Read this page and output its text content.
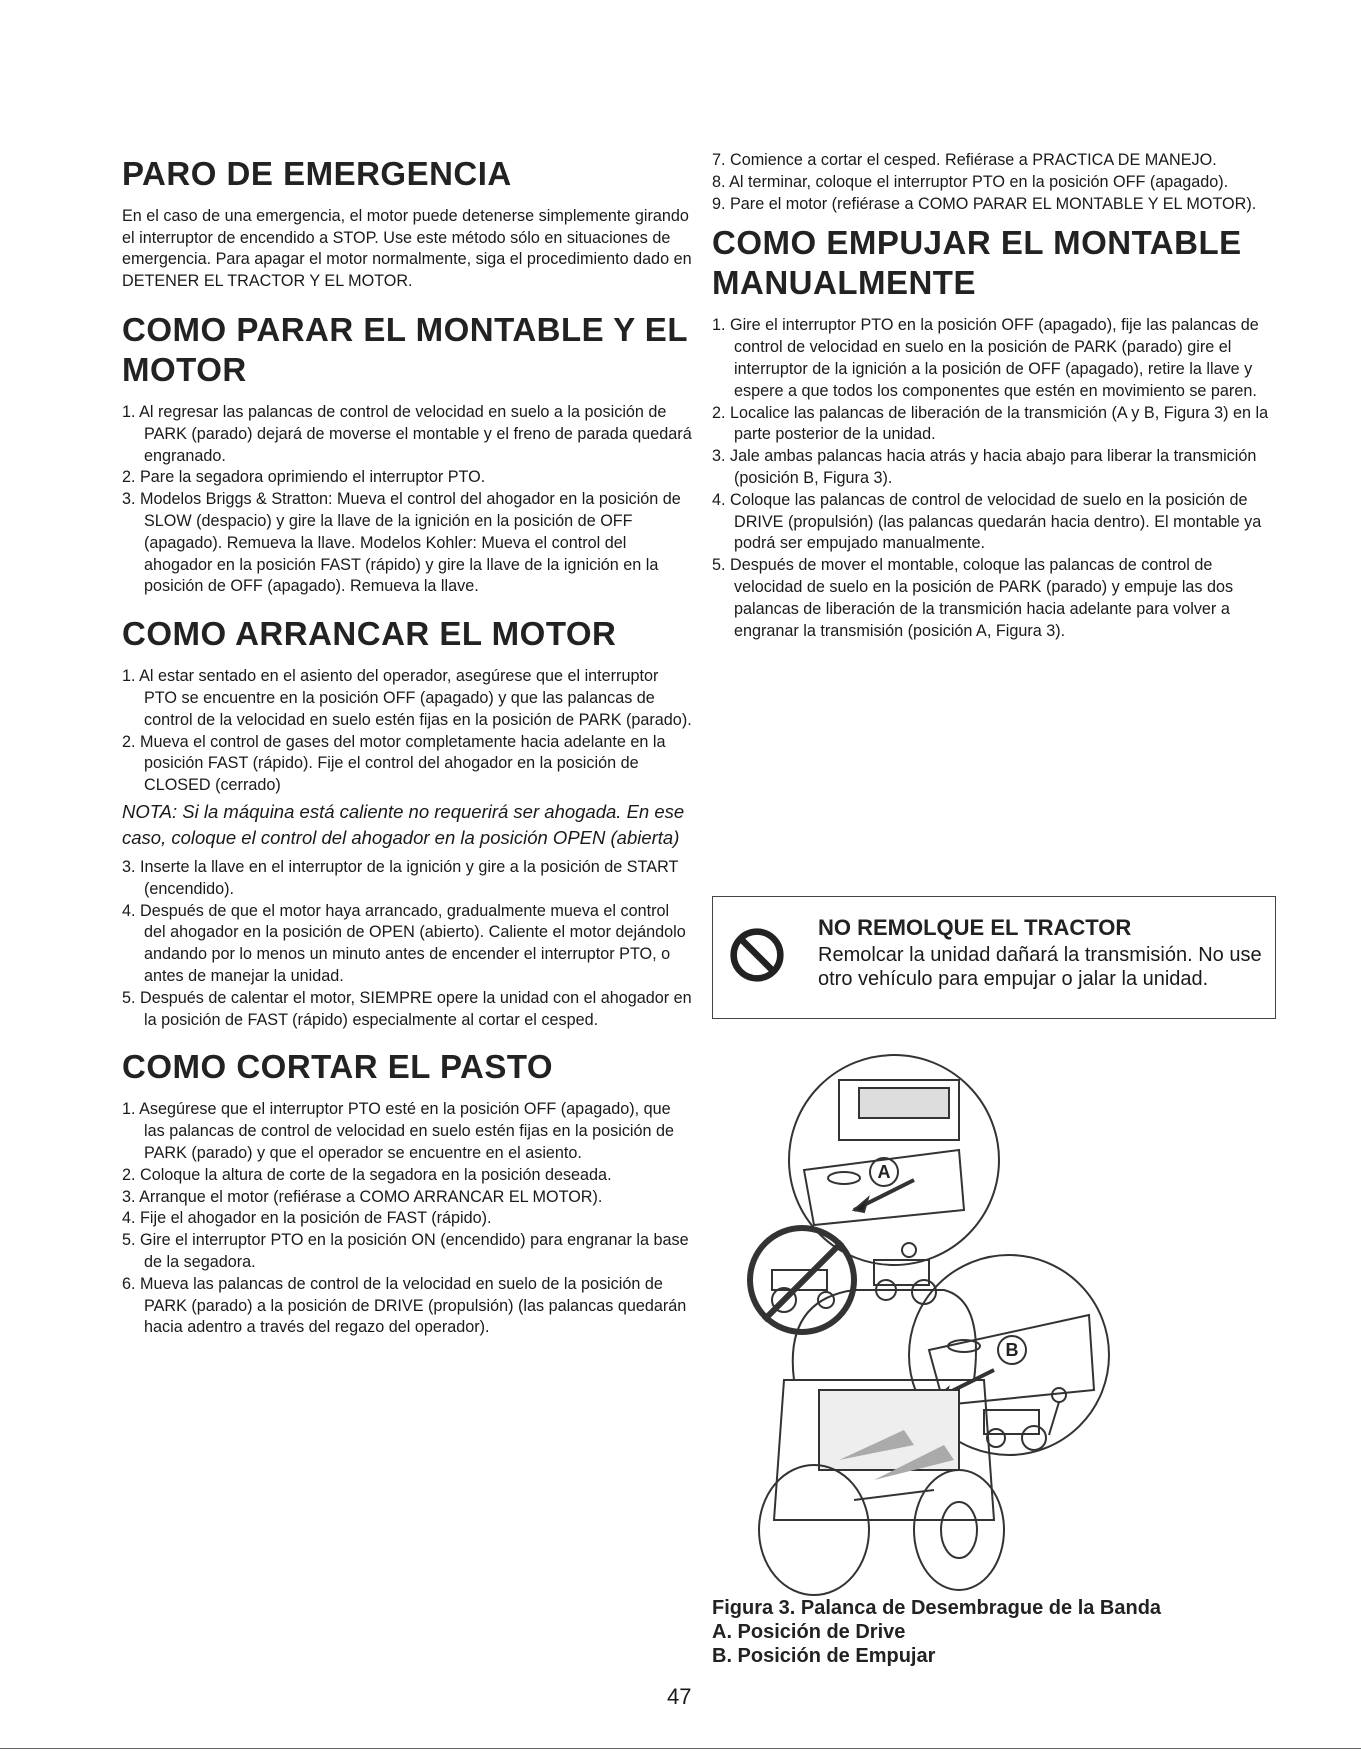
PARO DE EMERGENCIA

En el caso de una emergencia, el motor puede detenerse simplemente girando el interruptor de encendido a STOP. Use este método sólo en situaciones de emergencia. Para apagar el motor normalmente, siga el procedimiento dado en DETENER EL TRACTOR Y EL MOTOR.

COMO PARAR EL MONTABLE Y EL MOTOR
1. Al regresar las palancas de control de velocidad en suelo a la posición de PARK (parado) dejará de moverse el montable y el freno de parada quedará engranado.
2. Pare la segadora oprimiendo el interruptor PTO.
3. Modelos Briggs & Stratton: Mueva el control del ahogador en la posición de SLOW (despacio) y gire la llave de la ignición en la posición de OFF (apagado). Remueva la llave. Modelos Kohler: Mueva el control del ahogador en la posición FAST (rápido) y gire la llave de la ignición en la posición de OFF (apagado). Remueva la llave.
COMO ARRANCAR EL MOTOR
1. Al estar sentado en el asiento del operador, asegúrese que el interruptor PTO se encuentre en la posición OFF (apagado) y que las palancas de control de la velocidad en suelo estén fijas en la posición de PARK (parado).
2. Mueva el control de gases del motor completamente hacia adelante en la posición FAST (rápido). Fije el control del ahogador en la posición de CLOSED (cerrado)

NOTA: Si la máquina está caliente no requerirá ser ahogada. En ese caso, coloque el control del ahogador en la posición OPEN (abierta)

3. Inserte la llave en el interruptor de la ignición y gire a la posición de START (encendido).
4. Después de que el motor haya arrancado, gradualmente mueva el control del ahogador en la posición de OPEN (abierto). Caliente el motor dejándolo andando por lo menos un minuto antes de encender el interruptor PTO, o antes de manejar la unidad.
5. Después de calentar el motor, SIEMPRE opere la unidad con el ahogador en la posición de FAST (rápido) especialmente al cortar el cesped.
COMO CORTAR EL PASTO
1. Asegúrese que el interruptor PTO esté en la posición OFF (apagado), que las palancas de control de velocidad en suelo estén fijas en la posición de PARK (parado) y que el operador se encuentre en el asiento.
2. Coloque la altura de corte de la segadora en la posición deseada.
3. Arranque el motor (refiérase a COMO ARRANCAR EL MOTOR).
4. Fije el ahogador en la posición de FAST (rápido).
5. Gire el interruptor PTO en la posición ON (encendido) para engranar la base de la segadora.
6. Mueva las palancas de control de la velocidad en suelo de la posición de PARK (parado) a la posición de DRIVE (propulsión) (las palancas quedarán hacia adentro a través del regazo del operador).
7. Comience a cortar el cesped. Refiérase a PRACTICA DE MANEJO.
8. Al terminar, coloque el interruptor PTO en la posición OFF (apagado).
9. Pare el motor (refiérase a COMO PARAR EL MONTABLE Y EL MOTOR).
COMO EMPUJAR EL MONTABLE MANUALMENTE
1. Gire el interruptor PTO en la posición OFF (apagado), fije las palancas de control de velocidad en suelo en la posición de PARK (parado) gire el interruptor de la ignición a la posición de OFF (apagado), retire la llave y espere a que todos los componentes que estén en movimiento se paren.
2. Localice las palancas de liberación de la transmición (A y B, Figura 3) en la parte posterior de la unidad.
3. Jale ambas palancas hacia atrás y hacia abajo para liberar la transmición (posición B, Figura 3).
4. Coloque las palancas de control de velocidad de suelo en la posición de DRIVE (propulsión) (las palancas quedarán hacia dentro). El montable ya podrá ser empujado manualmente.
5. Después de mover el montable, coloque las palancas de control de velocidad de suelo en la posición de PARK (parado) y empuje las dos palancas de liberación de la transmición hacia adelante para volver a engranar la transmisión (posición A, Figura 3).
NO REMOLQUE EL TRACTOR

Remolcar la unidad dañará la transmisión. No use otro vehículo para empujar o jalar la unidad.

A
B
Figura 3. Palanca de Desembrague de la Banda
A. Posición de Drive
B. Posición de Empujar
47
